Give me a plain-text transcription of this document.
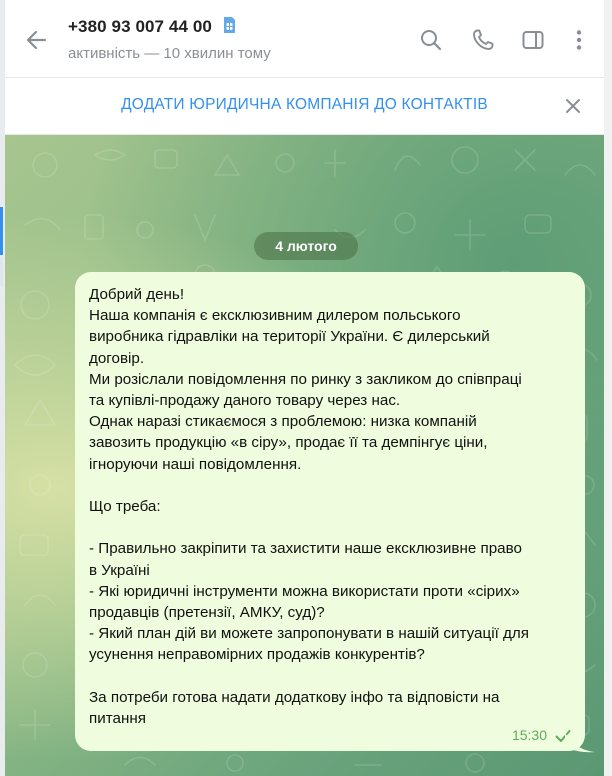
+380 93 007 44 00
активність — 10 хвилин тому
ДОДАТИ ЮРИДИЧНА КОМПАНІЯ ДО КОНТАКТІВ
4 лютого
Добрий день!
Наша компанія є ексклюзивним дилером польського
виробника гідравліки на території України. Є дилерський
договір.
Ми розіслали повідомлення по ринку з закликом до співпраці
та купівлі-продажу даного товару через нас.
Однак наразі стикаємося з проблемою: низка компаній
завозить продукцію «в сіру», продає її та демпінгує ціни,
ігноруючи наші повідомлення.
Що треба:
- Правильно закріпити та захистити наше ексклюзивне право
в Україні
- Які юридичні інструменти можна використати проти «сірих»
продавців (претензії, АМКУ, суд)?
- Який план дій ви можете запропонувати в нашій ситуації для
усунення неправомірних продажів конкурентів?
За потреби готова надати додаткову інфо та відповісти на
питання
15:30
